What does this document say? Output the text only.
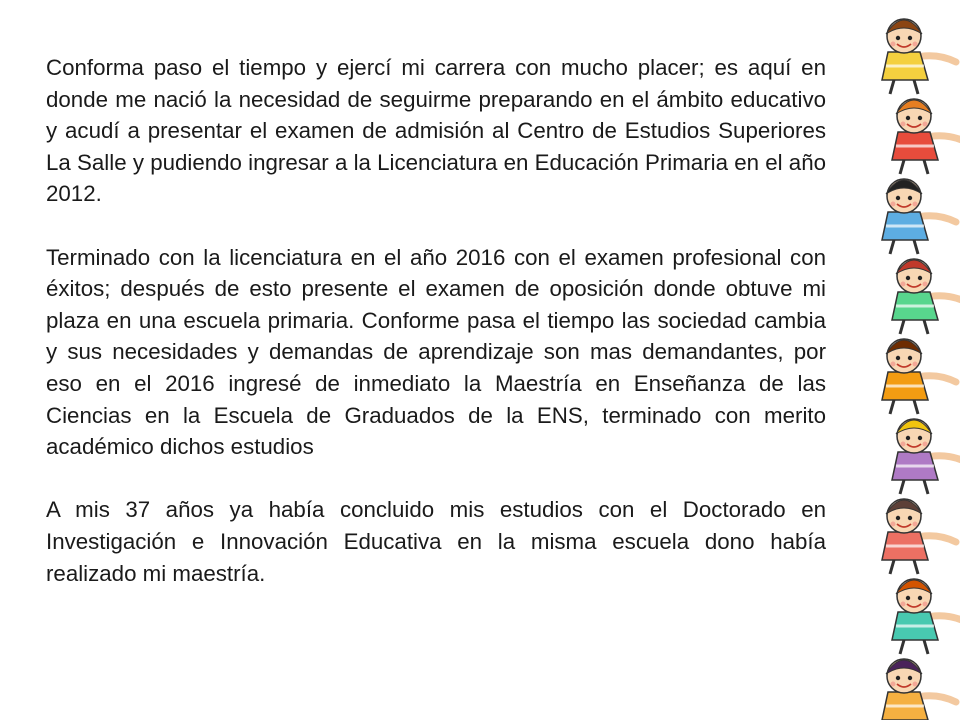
Conforma paso el tiempo y ejercí mi carrera con mucho placer; es aquí en donde me nació la necesidad de seguirme preparando en el ámbito educativo y acudí a presentar el examen de admisión al Centro de Estudios Superiores La Salle y pudiendo ingresar a la Licenciatura en Educación Primaria en el año 2012.

Terminado con la licenciatura en el año 2016 con el examen profesional con éxitos; después de esto presente el examen de oposición donde obtuve mi plaza en una escuela primaria. Conforme pasa el tiempo las sociedad cambia y sus necesidades y demandas de aprendizaje son mas demandantes, por eso en el 2016 ingresé de inmediato la Maestría en Enseñanza de las Ciencias en la Escuela de Graduados de la ENS, terminado con merito académico dichos estudios

A mis 37 años ya había concluido mis estudios con el Doctorado en Investigación e Innovación Educativa en la misma escuela dono había realizado mi maestría.
